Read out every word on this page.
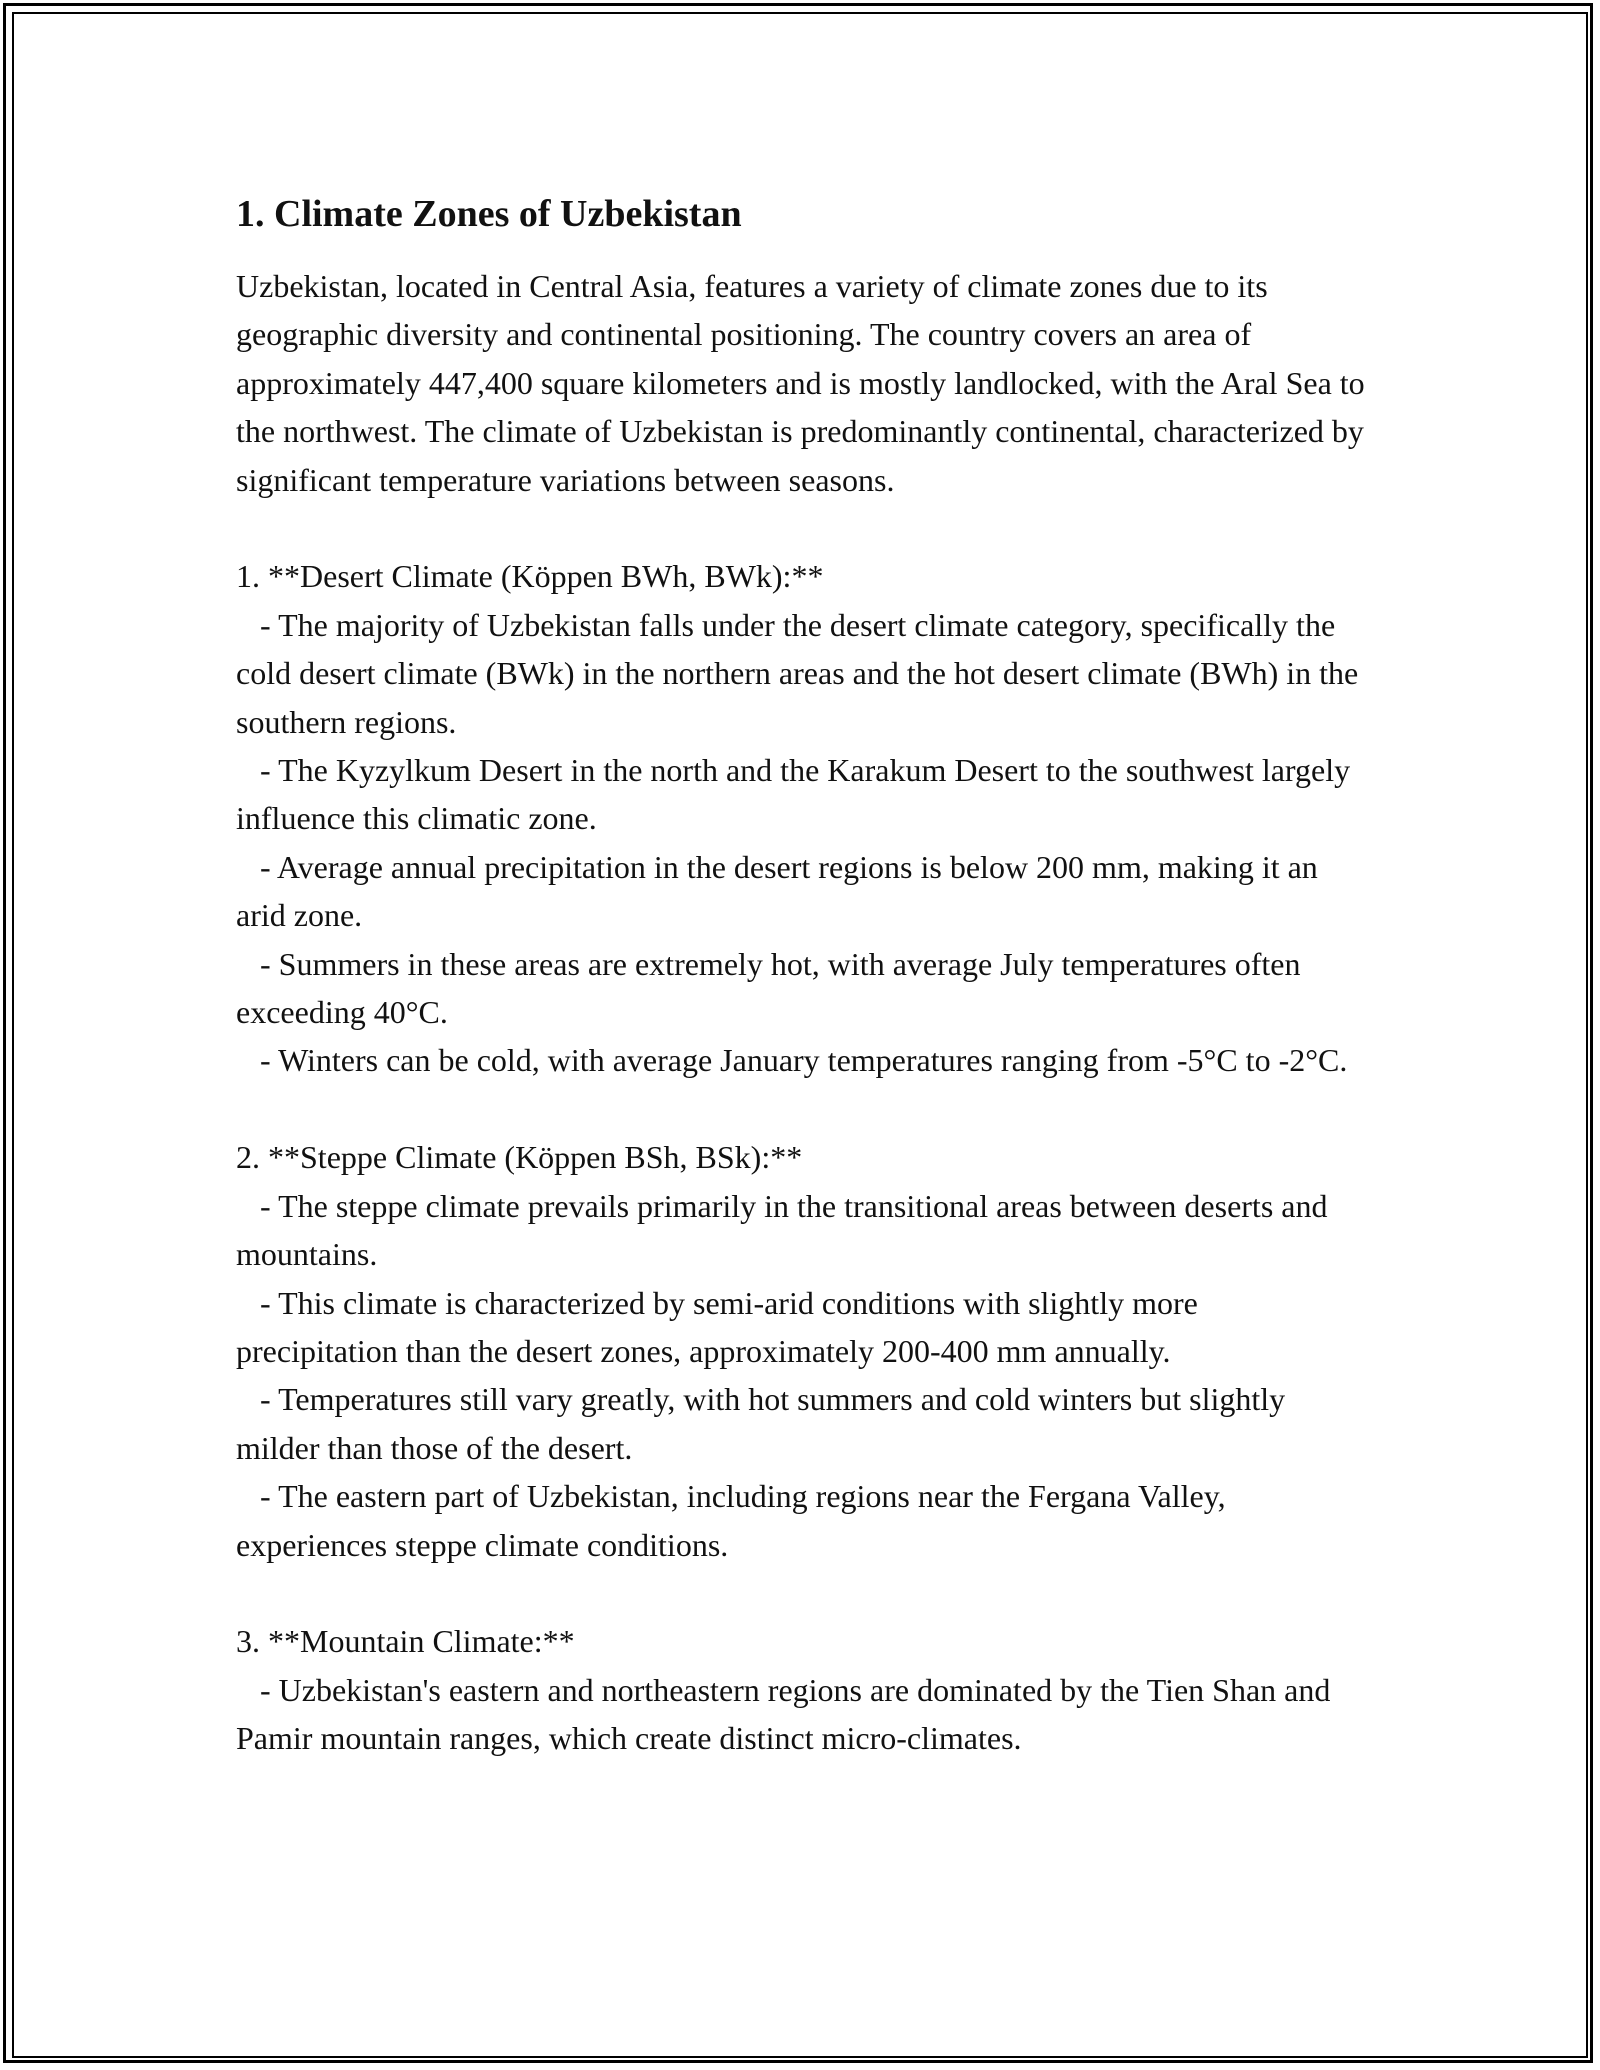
1. Climate Zones of Uzbekistan

Uzbekistan, located in Central Asia, features a variety of climate zones due to its geographic diversity and continental positioning. The country covers an area of approximately 447,400 square kilometers and is mostly landlocked, with the Aral Sea to the northwest. The climate of Uzbekistan is predominantly continental, characterized by significant temperature variations between seasons.

1. **Desert Climate (Köppen BWh, BWk):**

- The majority of Uzbekistan falls under the desert climate category, specifically the cold desert climate (BWk) in the northern areas and the hot desert climate (BWh) in the southern regions.

- The Kyzylkum Desert in the north and the Karakum Desert to the southwest largely influence this climatic zone.

- Average annual precipitation in the desert regions is below 200 mm, making it an arid zone.

- Summers in these areas are extremely hot, with average July temperatures often exceeding 40°C.

- Winters can be cold, with average January temperatures ranging from -5°C to -2°C.

2. **Steppe Climate (Köppen BSh, BSk):**

- The steppe climate prevails primarily in the transitional areas between deserts and mountains.

- This climate is characterized by semi-arid conditions with slightly more precipitation than the desert zones, approximately 200-400 mm annually.

- Temperatures still vary greatly, with hot summers and cold winters but slightly milder than those of the desert.

- The eastern part of Uzbekistan, including regions near the Fergana Valley, experiences steppe climate conditions.

3. **Mountain Climate:**

- Uzbekistan's eastern and northeastern regions are dominated by the Tien Shan and Pamir mountain ranges, which create distinct micro-climates.
